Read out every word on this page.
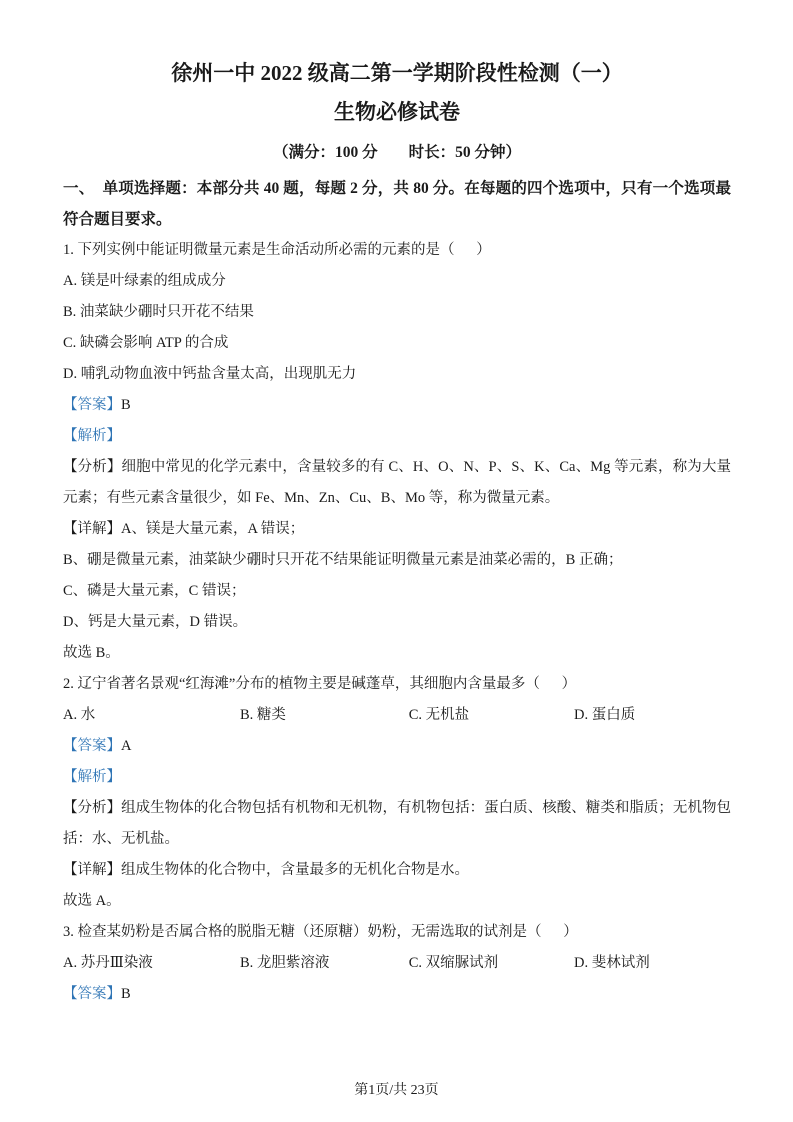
徐州一中 2022 级高二第一学期阶段性检测（一）
生物必修试卷
（满分：100 分        时长：50 分钟）
一、  单项选择题：本部分共 40 题，每题 2 分，共 80 分。在每题的四个选项中，只有一个选项最符合题目要求。
1. 下列实例中能证明微量元素是生命活动所必需的元素的是（      ）
A. 镁是叶绿素的组成成分
B. 油菜缺少硼时只开花不结果
C. 缺磷会影响 ATP 的合成
D. 哺乳动物血液中钙盐含量太高，出现肌无力
【答案】B
【解析】
【分析】细胞中常见的化学元素中，含量较多的有 C、H、O、N、P、S、K、Ca、Mg 等元素，称为大量元素；有些元素含量很少，如 Fe、Mn、Zn、Cu、B、Mo 等，称为微量元素。
【详解】A、镁是大量元素，A 错误；
B、硼是微量元素，油菜缺少硼时只开花不结果能证明微量元素是油菜必需的，B 正确；
C、磷是大量元素，C 错误；
D、钙是大量元素，D 错误。
故选 B。
2. 辽宁省著名景观“红海滩”分布的植物主要是碱蓬草，其细胞内含量最多（      ）
A. 水	B. 糖类	C. 无机盐	D. 蛋白质
【答案】A
【解析】
【分析】组成生物体的化合物包括有机物和无机物，有机物包括：蛋白质、核酸、糖类和脂质；无机物包括：水、无机盐。
【详解】组成生物体的化合物中，含量最多的无机化合物是水。
故选 A。
3. 检查某奶粉是否属合格的脱脂无糖（还原糖）奶粉，无需选取的试剂是（      ）
A. 苏丹Ⅲ染液	B. 龙胆紫溶液	C. 双缩脲试剂	D. 斐林试剂
【答案】B
第1页/共 23页
